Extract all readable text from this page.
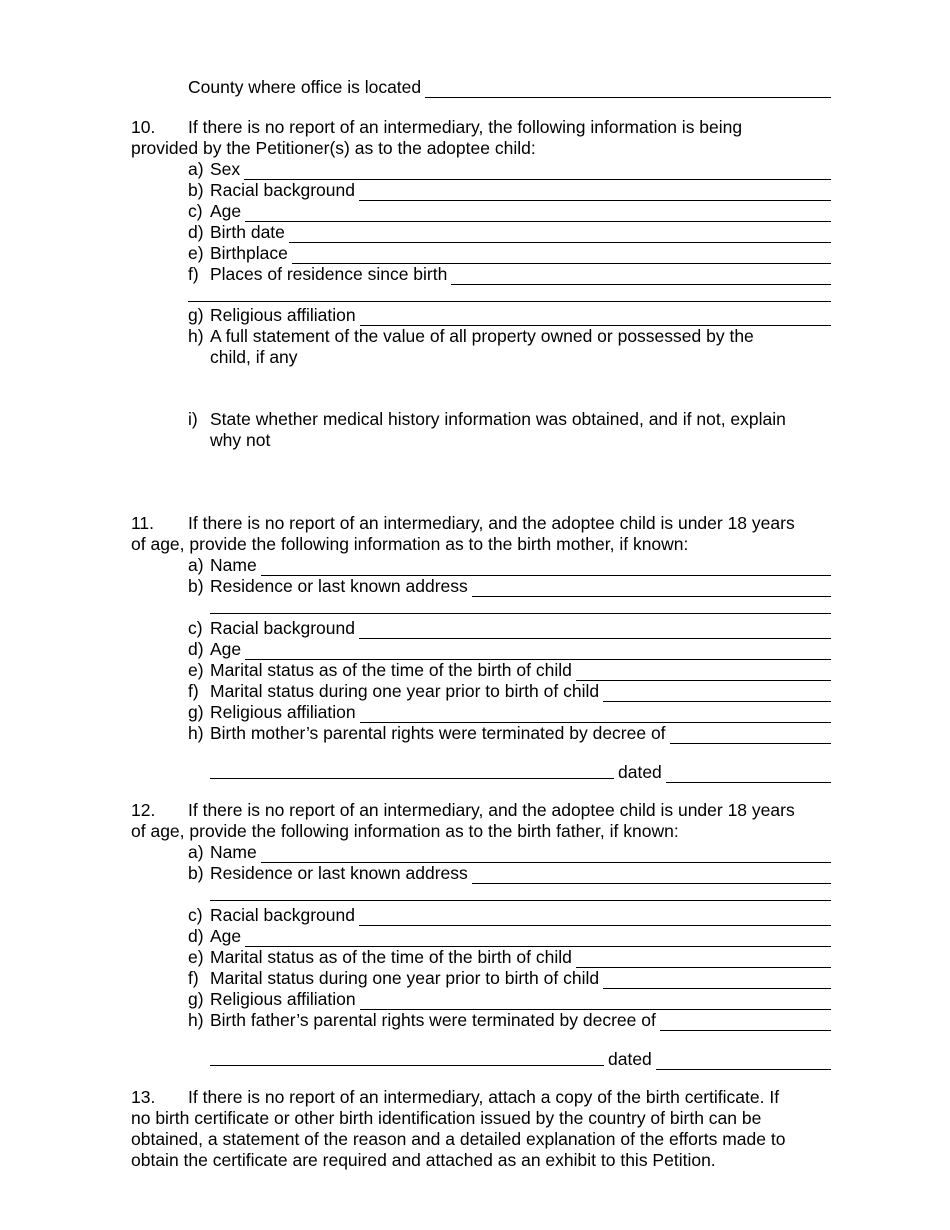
County where office is located
10. If there is no report of an intermediary, the following information is being
provided by the Petitioner(s) as to the adoptee child:
a) Sex
b) Racial background
c) Age
d) Birth date
e) Birthplace
f) Places of residence since birth
g) Religious affiliation
h) A full statement of the value of all property owned or possessed by the
child, if any
i) State whether medical history information was obtained, and if not, explain
why not
11. If there is no report of an intermediary, and the adoptee child is under 18 years
of age, provide the following information as to the birth mother, if known:
a) Name
b) Residence or last known address
c) Racial background
d) Age
e) Marital status as of the time of the birth of child
f) Marital status during one year prior to birth of child
g) Religious affiliation
h) Birth mother’s parental rights were terminated by decree of
dated
12. If there is no report of an intermediary, and the adoptee child is under 18 years
of age, provide the following information as to the birth father, if known:
a) Name
b) Residence or last known address
c) Racial background
d) Age
e) Marital status as of the time of the birth of child
f) Marital status during one year prior to birth of child
g) Religious affiliation
h) Birth father’s parental rights were terminated by decree of
dated
13. If there is no report of an intermediary, attach a copy of the birth certificate. If
no birth certificate or other birth identification issued by the country of birth can be
obtained, a statement of the reason and a detailed explanation of the efforts made to
obtain the certificate are required and attached as an exhibit to this Petition.
